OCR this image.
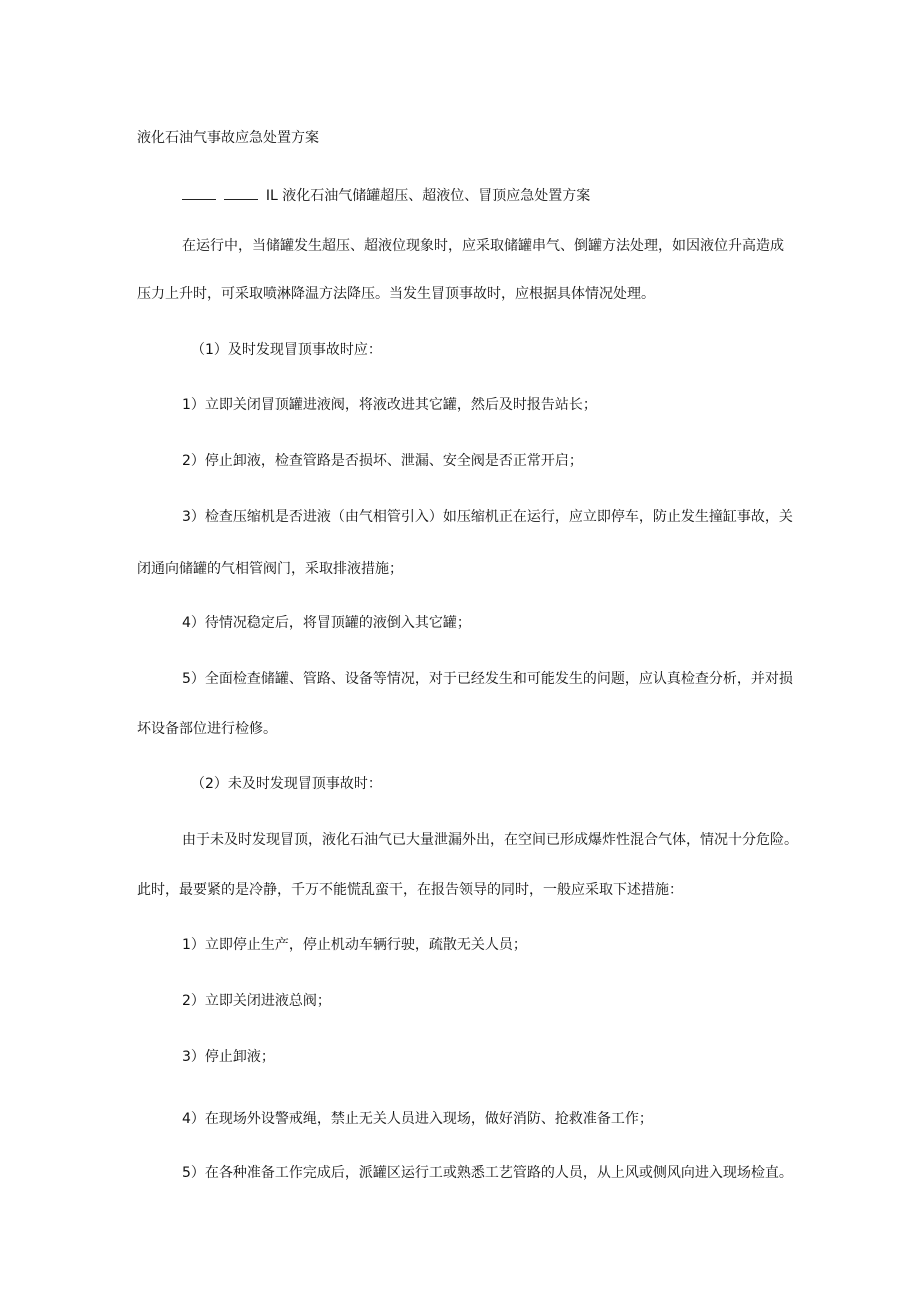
液化石油气事故应急处置方案
IL 液化石油气储罐超压、超液位、冒顶应急处置方案
在运行中，当储罐发生超压、超液位现象时，应采取储罐串气、倒罐方法处理，如因液位升高造成
压力上升时，可采取喷淋降温方法降压。当发生冒顶事故时，应根据具体情况处理。
（1）及时发现冒顶事故时应：
1）立即关闭冒顶罐进液阀，将液改进其它罐，然后及时报告站长；
2）停止卸液，检查管路是否损坏、泄漏、安全阀是否正常开启；
3）检查压缩机是否进液（由气相管引入）如压缩机正在运行，应立即停车，防止发生撞缸事故，关
闭通向储罐的气相管阀门，采取排液措施；
4）待情况稳定后，将冒顶罐的液倒入其它罐；
5）全面检查储罐、管路、设备等情况，对于已经发生和可能发生的问题，应认真检查分析，并对损
坏设备部位进行检修。
（2）未及时发现冒顶事故时：
由于未及时发现冒顶，液化石油气已大量泄漏外出，在空间已形成爆炸性混合气体，情况十分危险。
此时，最要紧的是冷静，千万不能慌乱蛮干，在报告领导的同时，一般应采取下述措施：
1）立即停止生产，停止机动车辆行驶，疏散无关人员；
2）立即关闭进液总阀；
3）停止卸液；
4）在现场外设警戒绳，禁止无关人员进入现场，做好消防、抢救准备工作；
5）在各种准备工作完成后，派罐区运行工或熟悉工艺管路的人员，从上风或侧风向进入现场检直。
